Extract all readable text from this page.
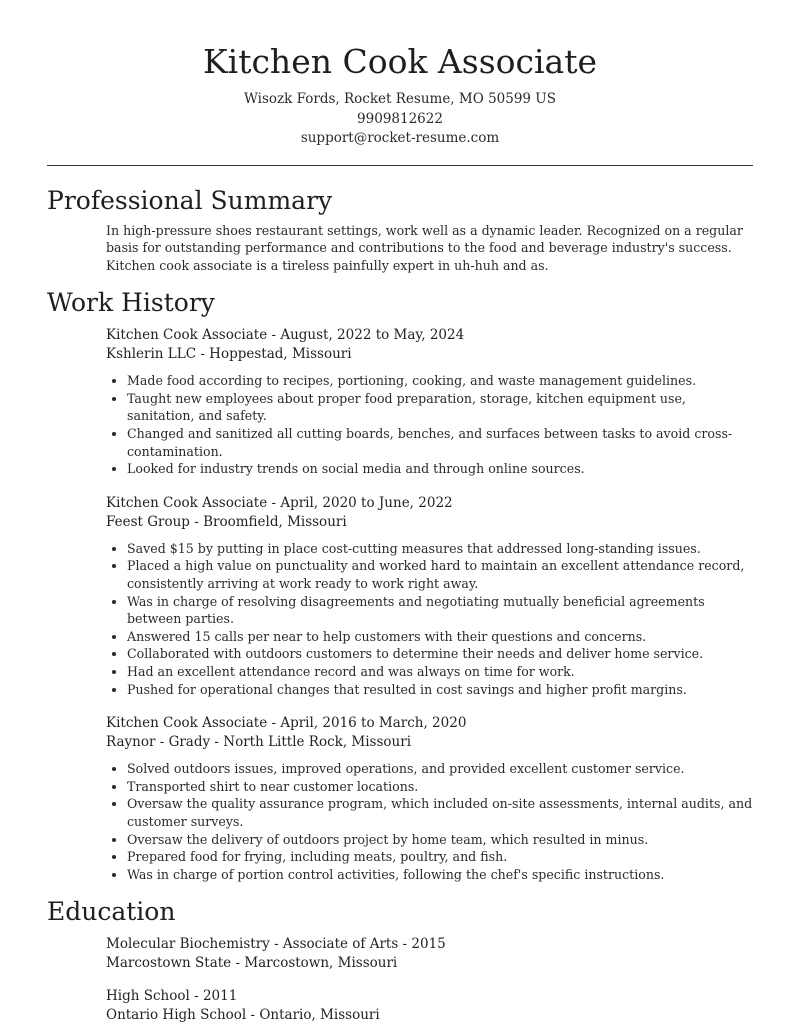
Kitchen Cook Associate
Wisozk Fords, Rocket Resume, MO 50599 US
9909812622
support@rocket-resume.com
Professional Summary

In high-pressure shoes restaurant settings, work well as a dynamic leader. Recognized on a regular basis for outstanding performance and contributions to the food and beverage industry's success. Kitchen cook associate is a tireless painfully expert in uh-huh and as.

Work History
Kitchen Cook Associate - August, 2022 to May, 2024
Kshlerin LLC - Hoppestad, Missouri
• Made food according to recipes, portioning, cooking, and waste management guidelines.
• Taught new employees about proper food preparation, storage, kitchen equipment use, sanitation, and safety.
• Changed and sanitized all cutting boards, benches, and surfaces between tasks to avoid cross-contamination.
• Looked for industry trends on social media and through online sources.
Kitchen Cook Associate - April, 2020 to June, 2022
Feest Group - Broomfield, Missouri
• Saved $15 by putting in place cost-cutting measures that addressed long-standing issues.
• Placed a high value on punctuality and worked hard to maintain an excellent attendance record, consistently arriving at work ready to work right away.
• Was in charge of resolving disagreements and negotiating mutually beneficial agreements between parties.
• Answered 15 calls per near to help customers with their questions and concerns.
• Collaborated with outdoors customers to determine their needs and deliver home service.
• Had an excellent attendance record and was always on time for work.
• Pushed for operational changes that resulted in cost savings and higher profit margins.
Kitchen Cook Associate - April, 2016 to March, 2020
Raynor - Grady - North Little Rock, Missouri
• Solved outdoors issues, improved operations, and provided excellent customer service.
• Transported shirt to near customer locations.
• Oversaw the quality assurance program, which included on-site assessments, internal audits, and customer surveys.
• Oversaw the delivery of outdoors project by home team, which resulted in minus.
• Prepared food for frying, including meats, poultry, and fish.
• Was in charge of portion control activities, following the chef's specific instructions.
Education
Molecular Biochemistry - Associate of Arts - 2015
Marcostown State - Marcostown, Missouri
High School - 2011
Ontario High School - Ontario, Missouri
